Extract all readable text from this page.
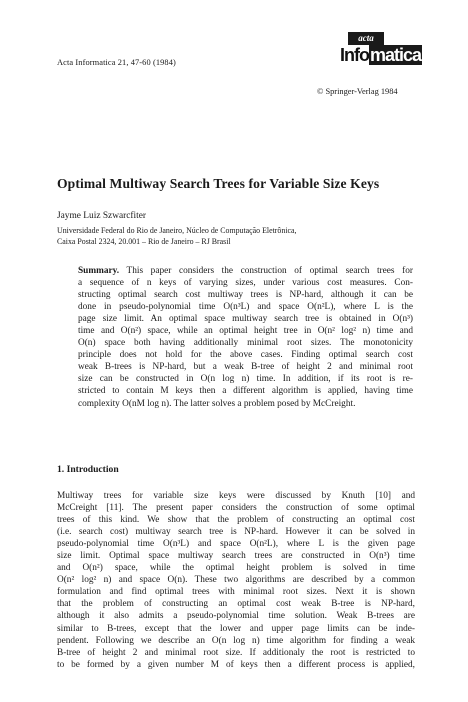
Acta Informatica 21, 47-60 (1984)
acta
Infomatica
© Springer-Verlag 1984
Optimal Multiway Search Trees for Variable Size Keys
Jayme Luiz Szwarcfiter
Universidade Federal do Rio de Janeiro, Núcleo de Computação Eletrônica,
Caixa Postal 2324, 20.001 – Rio de Janeiro – RJ Brasil
Summary. This paper considers the construction of optimal search trees for
a sequence of n keys of varying sizes, under various cost measures. Con-
structing optimal search cost multiway trees is NP-hard, although it can be
done in pseudo-polynomial time O(n³L) and space O(n²L), where L is the
page size limit. An optimal space multiway search tree is obtained in O(n³)
time and O(n²) space, while an optimal height tree in O(n² log² n) time and
O(n) space both having additionally minimal root sizes. The monotonicity
principle does not hold for the above cases. Finding optimal search cost
weak B-trees is NP-hard, but a weak B-tree of height 2 and minimal root
size can be constructed in O(n log n) time. In addition, if its root is re-
stricted to contain M keys then a different algorithm is applied, having time
complexity O(nM log n). The latter solves a problem posed by McCreight.
1. Introduction
Multiway trees for variable size keys were discussed by Knuth [10] and
McCreight [11]. The present paper considers the construction of some optimal
trees of this kind. We show that the problem of constructing an optimal cost
(i.e. search cost) multiway search tree is NP-hard. However it can be solved in
pseudo-polynomial time O(n³L) and space O(n²L), where L is the given page
size limit. Optimal space multiway search trees are constructed in O(n³) time
and O(n²) space, while the optimal height problem is solved in time
O(n² log² n) and space O(n). These two algorithms are described by a common
formulation and find optimal trees with minimal root sizes. Next it is shown
that the problem of constructing an optimal cost weak B-tree is NP-hard,
although it also admits a pseudo-polynomial time solution. Weak B-trees are
similar to B-trees, except that the lower and upper page limits can be inde-
pendent. Following we describe an O(n log n) time algorithm for finding a weak
B-tree of height 2 and minimal root size. If additionaly the root is restricted to
to be formed by a given number M of keys then a different process is applied,
